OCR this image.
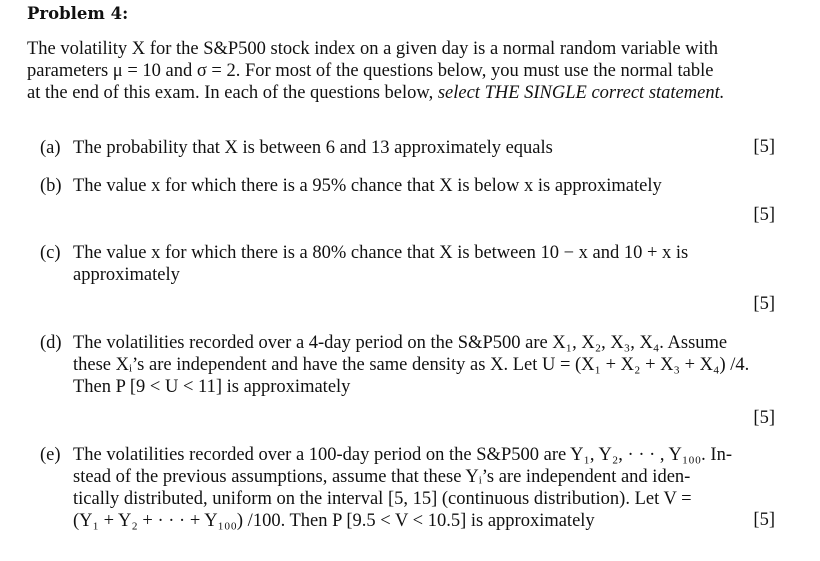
Problem 4:
The volatility X for the S&P500 stock index on a given day is a normal random variable with
parameters μ = 10 and σ = 2. For most of the questions below, you must use the normal table
at the end of this exam. In each of the questions below, select THE SINGLE correct statement.
(a) The probability that X is between 6 and 13 approximately equals	[5]
(b) The value x for which there is a 95% chance that X is below x is approximately
[5]
(c) The value x for which there is a 80% chance that X is between 10 − x and 10 + x is
approximately
[5]
(d) The volatilities recorded over a 4-day period on the S&P500 are X₁, X₂, X₃, X₄. Assume
these Xᵢ’s are independent and have the same density as X. Let U = (X₁ + X₂ + X₃ + X₄) /4.
Then P [9 < U < 11] is approximately
[5]
(e) The volatilities recorded over a 100-day period on the S&P500 are Y₁, Y₂, · · · , Y₁₀₀. In-
stead of the previous assumptions, assume that these Yᵢ’s are independent and iden-
tically distributed, uniform on the interval [5, 15] (continuous distribution). Let V =
(Y₁ + Y₂ + · · · + Y₁₀₀) /100. Then P [9.5 < V < 10.5] is approximately	[5]
